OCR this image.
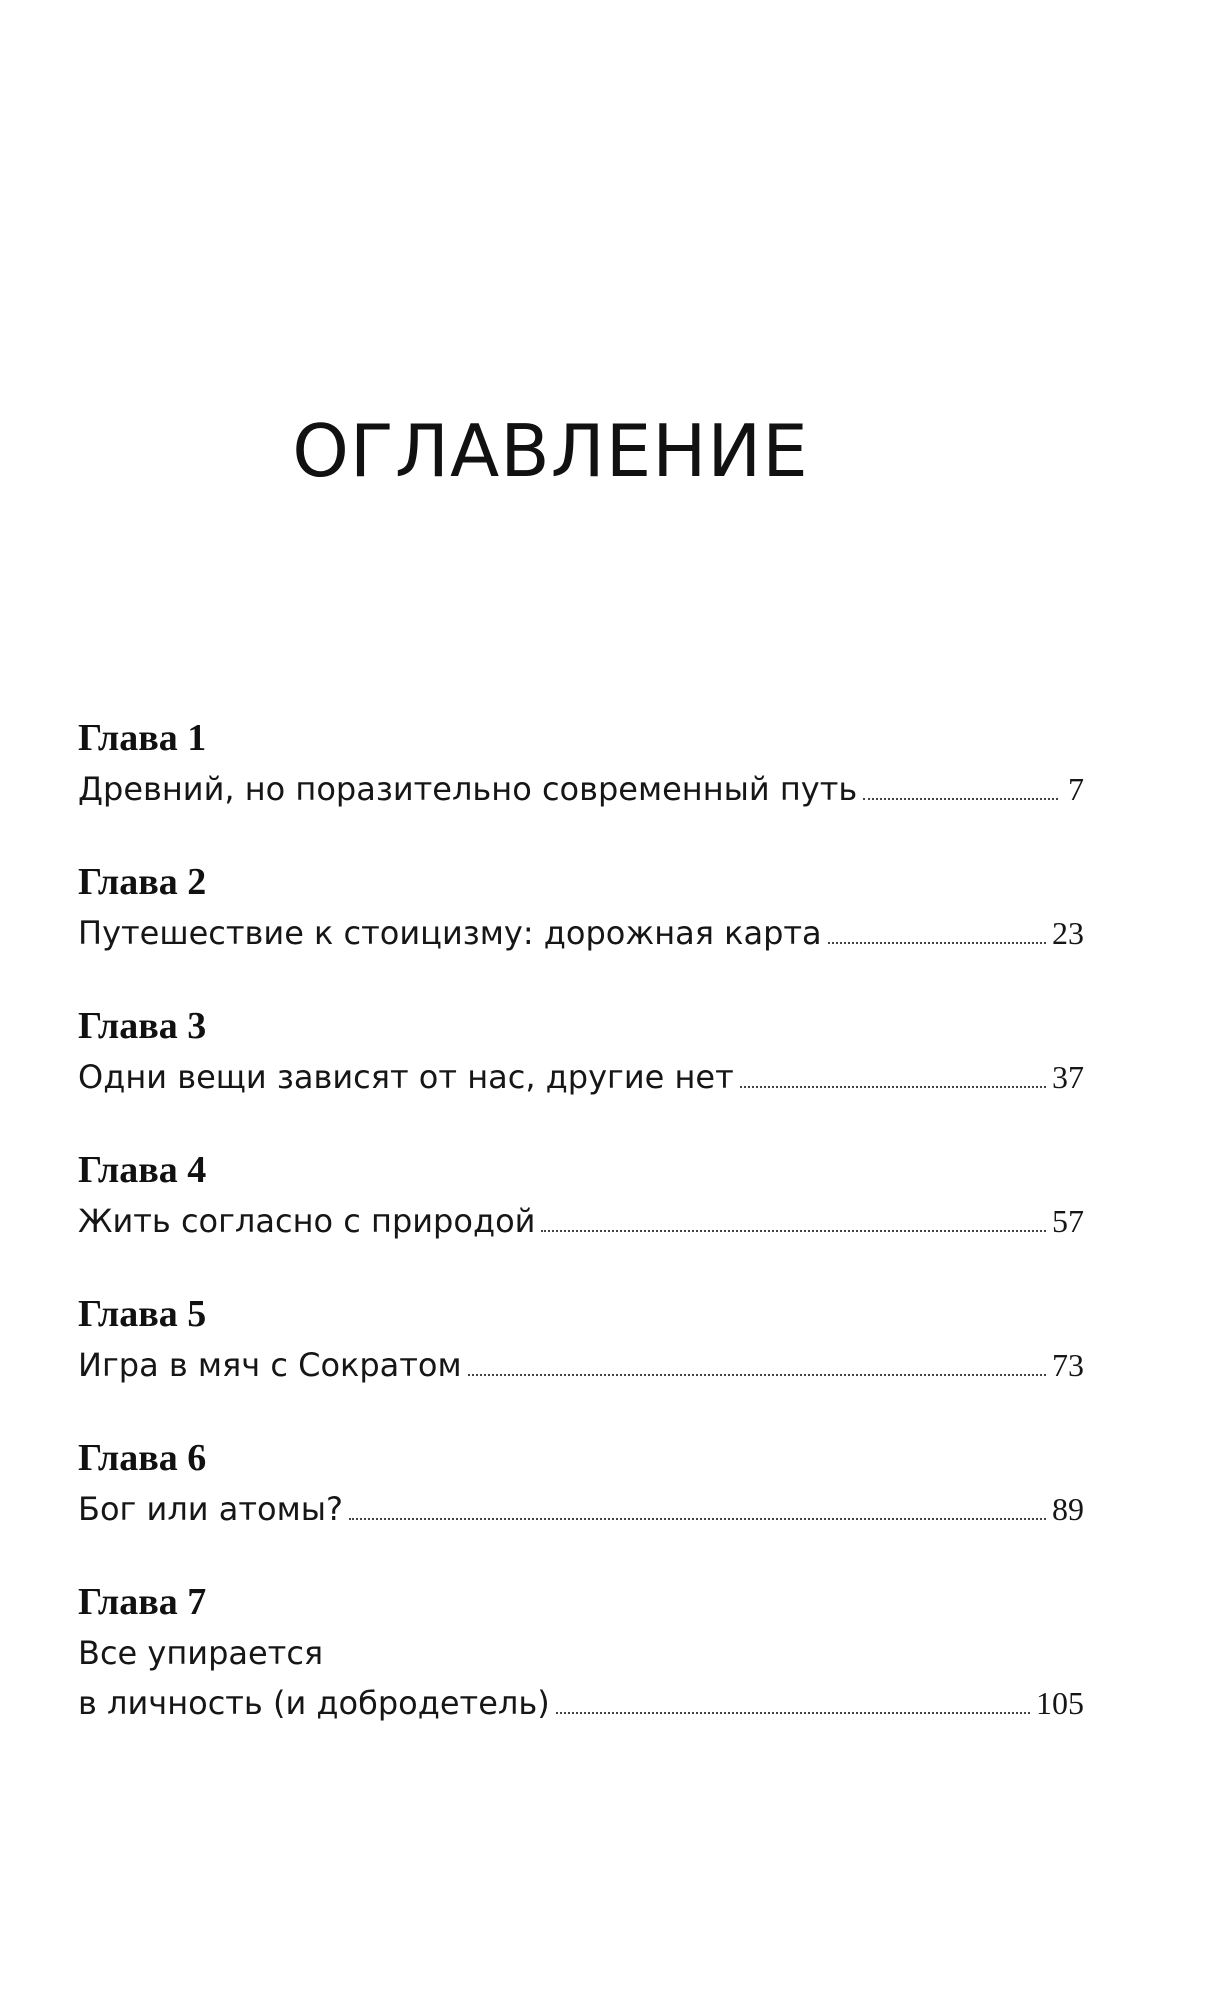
ОГЛАВЛЕНИЕ
Глава 1
Древний, но поразительно современный путь	7
Глава 2
Путешествие к стоицизму: дорожная карта	23
Глава 3
Одни вещи зависят от нас, другие нет	37
Глава 4
Жить согласно с природой	57
Глава 5
Игра в мяч с Сократом	73
Глава 6
Бог или атомы?	89
Глава 7
Все упирается
в личность (и добродетель)	105
